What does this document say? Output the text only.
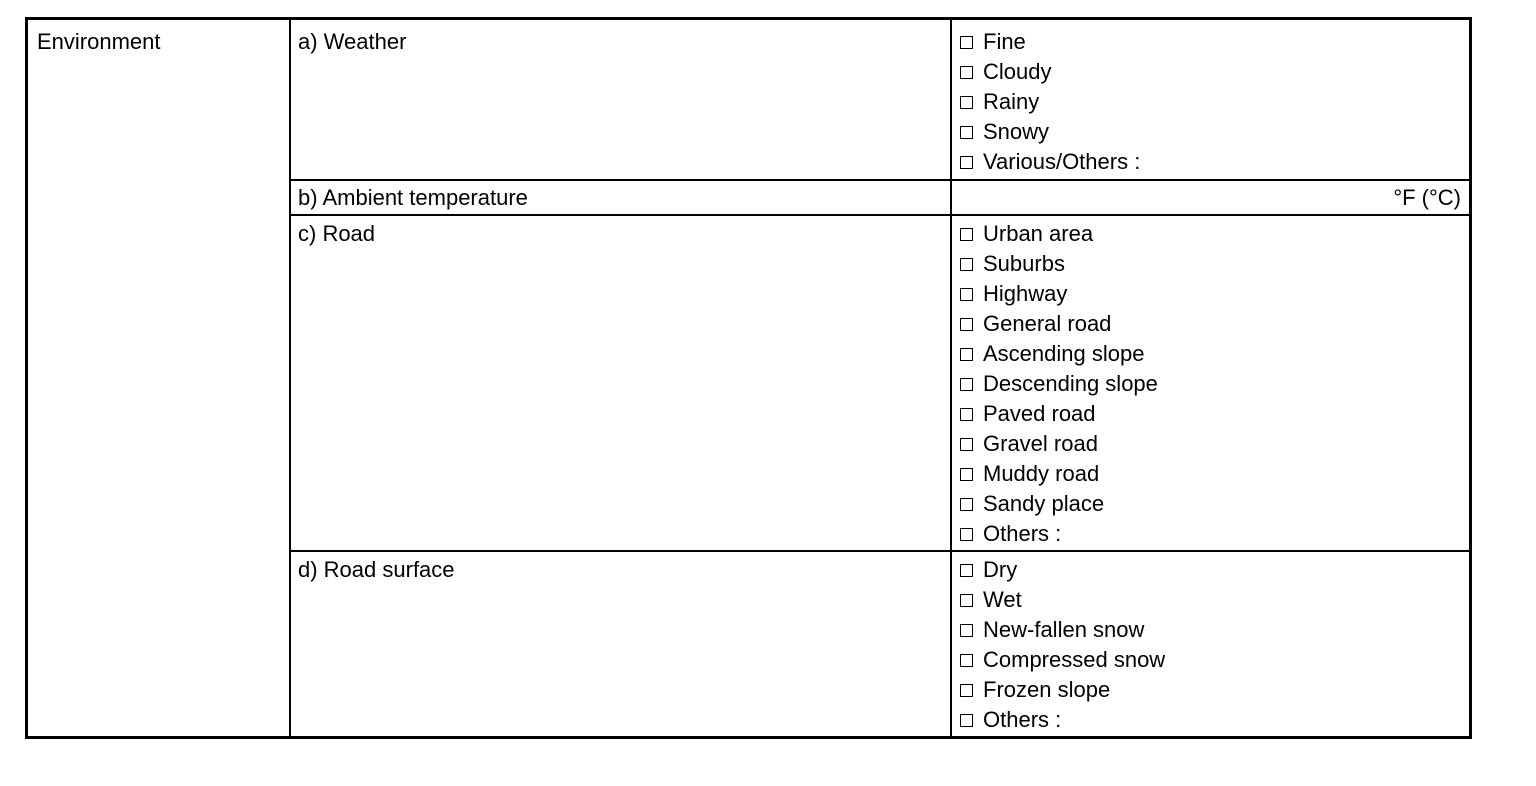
Environment	a) Weather	Fine
Cloudy
Rainy
Snowy
Various/Others :
b) Ambient temperature	°F (°C)
c) Road	Urban area
Suburbs
Highway
General road
Ascending slope
Descending slope
Paved road
Gravel road
Muddy road
Sandy place
Others :
d) Road surface	Dry
Wet
New-fallen snow
Compressed snow
Frozen slope
Others :
